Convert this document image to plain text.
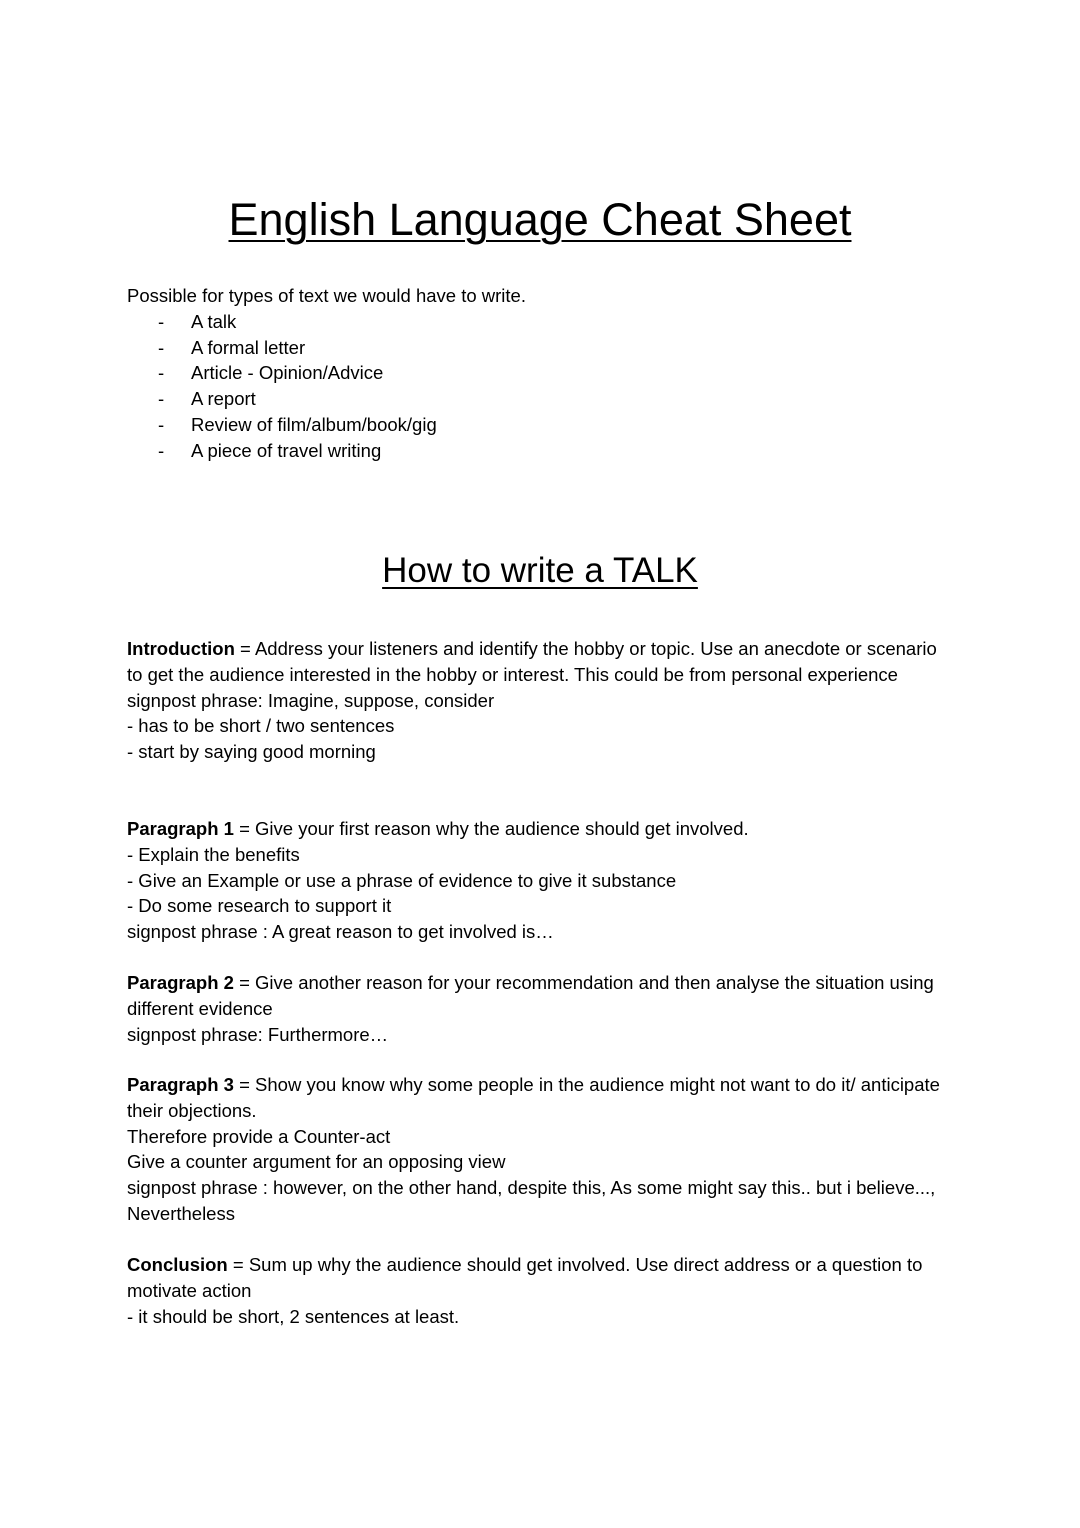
English Language Cheat Sheet

Possible for types of text we would have to write.

- A talk
- A formal letter
- Article - Opinion/Advice
- A report
- Review of film/album/book/gig
- A piece of travel writing
How to write a TALK

Introduction = Address your listeners and identify the hobby or topic. Use an anecdote or scenario to get the audience interested in the hobby or interest. This could be from personal experience

signpost phrase: Imagine, suppose, consider

- has to be short / two sentences

- start by saying good morning

Paragraph 1 = Give your first reason why the audience should get involved.

- Explain the benefits

- Give an Example or use a phrase of evidence to give it substance

- Do some research to support it

signpost phrase : A great reason to get involved is…

Paragraph 2 = Give another reason for your recommendation and then analyse the situation using different evidence

signpost phrase: Furthermore…

Paragraph 3 = Show you know why some people in the audience might not want to do it/ anticipate their objections.

Therefore provide a Counter-act

Give a counter argument for an opposing view

signpost phrase : however, on the other hand, despite this, As some might say this.. but i believe..., Nevertheless

Conclusion = Sum up why the audience should get involved. Use direct address or a question to motivate action

- it should be short, 2 sentences at least.
